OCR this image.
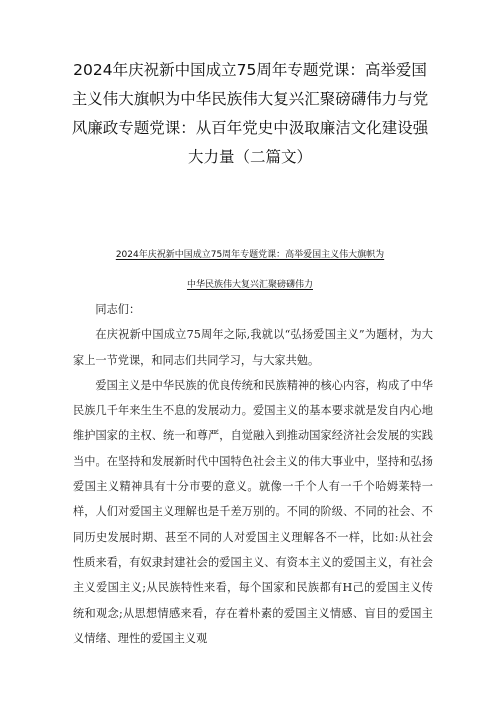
2024年庆祝新中国成立75周年专题党课：高举爱国主义伟大旗帜为中华民族伟大复兴汇聚磅礴伟力与党风廉政专题党课：从百年党史中汲取廉洁文化建设强大力量（二篇文）
2024年庆祝新中国成立75周年专题党课：高举爱国主义伟大旗帜为
中华民族伟大复兴汇聚磅礴伟力

同志们：

在庆祝新中国成立75周年之际,我就以“弘扬爱国主义”为题材，为大家上一节党课，和同志们共同学习，与大家共勉。

爱国主义是中华民族的优良传统和民族精神的核心内容，构成了中华民族几千年来生生不息的发展动力。爱国主义的基本要求就是发自内心地维护国家的主权、统一和尊严，自觉融入到推动国家经济社会发展的实践当中。在坚持和发展新时代中国特色社会主义的伟大事业中，坚持和弘扬爱国主义精神具有十分市要的意义。就像一千个人有一千个哈姆莱特一样，人们对爱国主义理解也是千差万别的。不同的阶级、不同的社会、不同历史发展时期、甚至不同的人对爱国主义理解各不一样，比如:从社会性质来看，有奴隶封建社会的爱国主义、有资本主义的爱国主义，有社会主义爱国主义;从民族特性来看，每个国家和民族都有H己的爱国主义传统和观念;从思想情感来看，存在着朴素的爱国主义情感、盲目的爱国主义情绪、理性的爱国主义观
